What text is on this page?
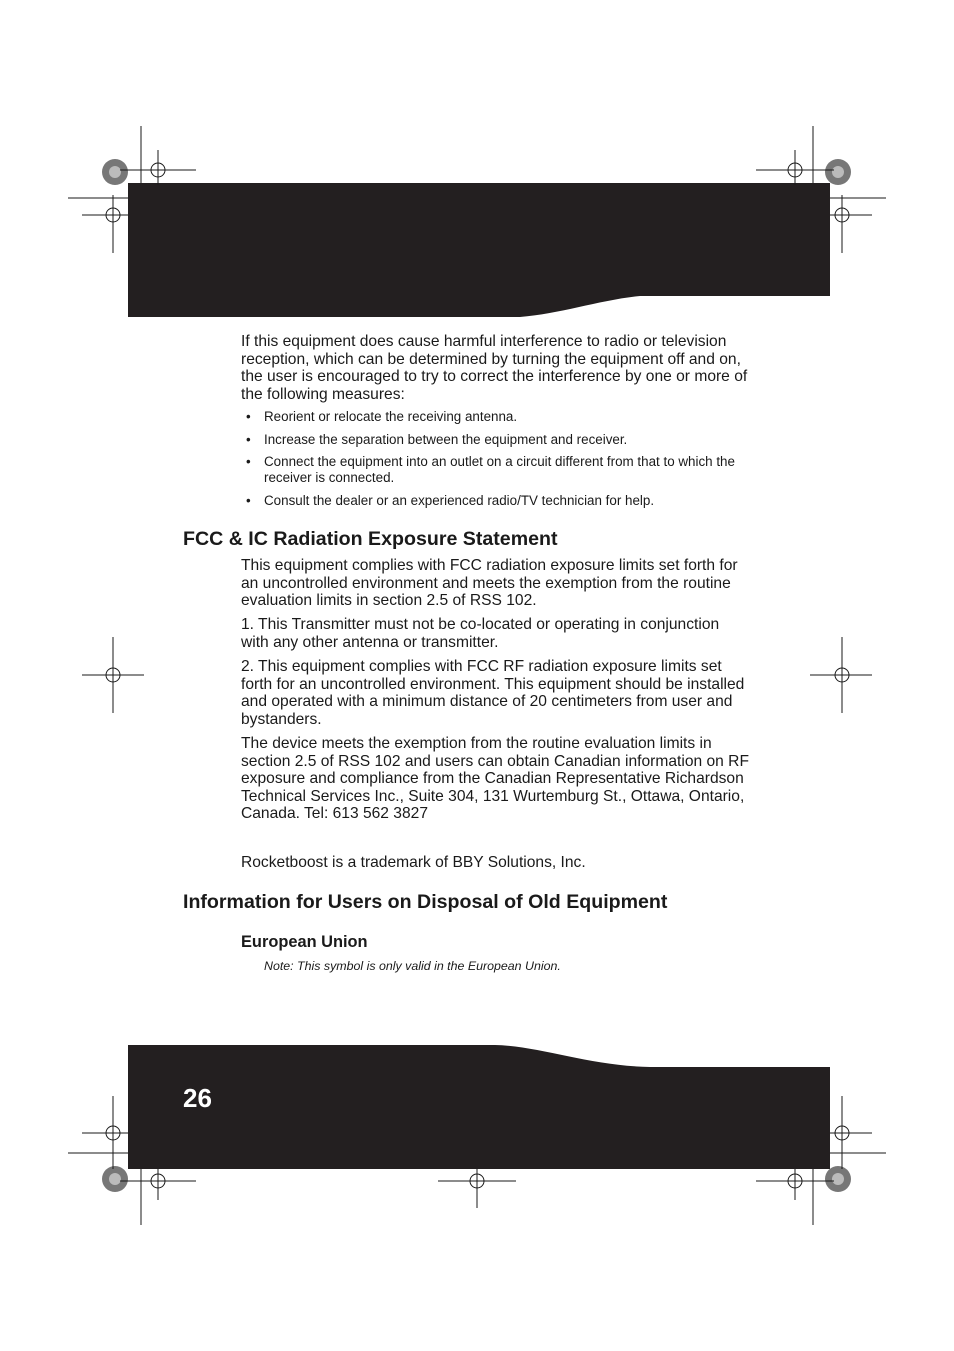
If this equipment does cause harmful interference to radio or television reception, which can be determined by turning the equipment off and on, the user is encouraged to try to correct the interference by one or more of the following measures:

• Reorient or relocate the receiving antenna.
• Increase the separation between the equipment and receiver.
• Connect the equipment into an outlet on a circuit different from that to which the receiver is connected.
• Consult the dealer or an experienced radio/TV technician for help.
FCC & IC Radiation Exposure Statement

This equipment complies with FCC radiation exposure limits set forth for an uncontrolled environment and meets the exemption from the routine evaluation limits in section 2.5 of RSS 102.

1. This Transmitter must not be co-located or operating in conjunction with any other antenna or transmitter.

2. This equipment complies with FCC RF radiation exposure limits set forth for an uncontrolled environment. This equipment should be installed and operated with a minimum distance of 20 centimeters from user and bystanders.

The device meets the exemption from the routine evaluation limits in section 2.5 of RSS 102 and users can obtain Canadian information on RF exposure and compliance from the Canadian Representative Richardson Technical Services Inc., Suite 304, 131 Wurtemburg St., Ottawa, Ontario, Canada. Tel: 613 562 3827

Rocketboost is a trademark of BBY Solutions, Inc.

Information for Users on Disposal of Old Equipment
European Union

Note: This symbol is only valid in the European Union.

26
